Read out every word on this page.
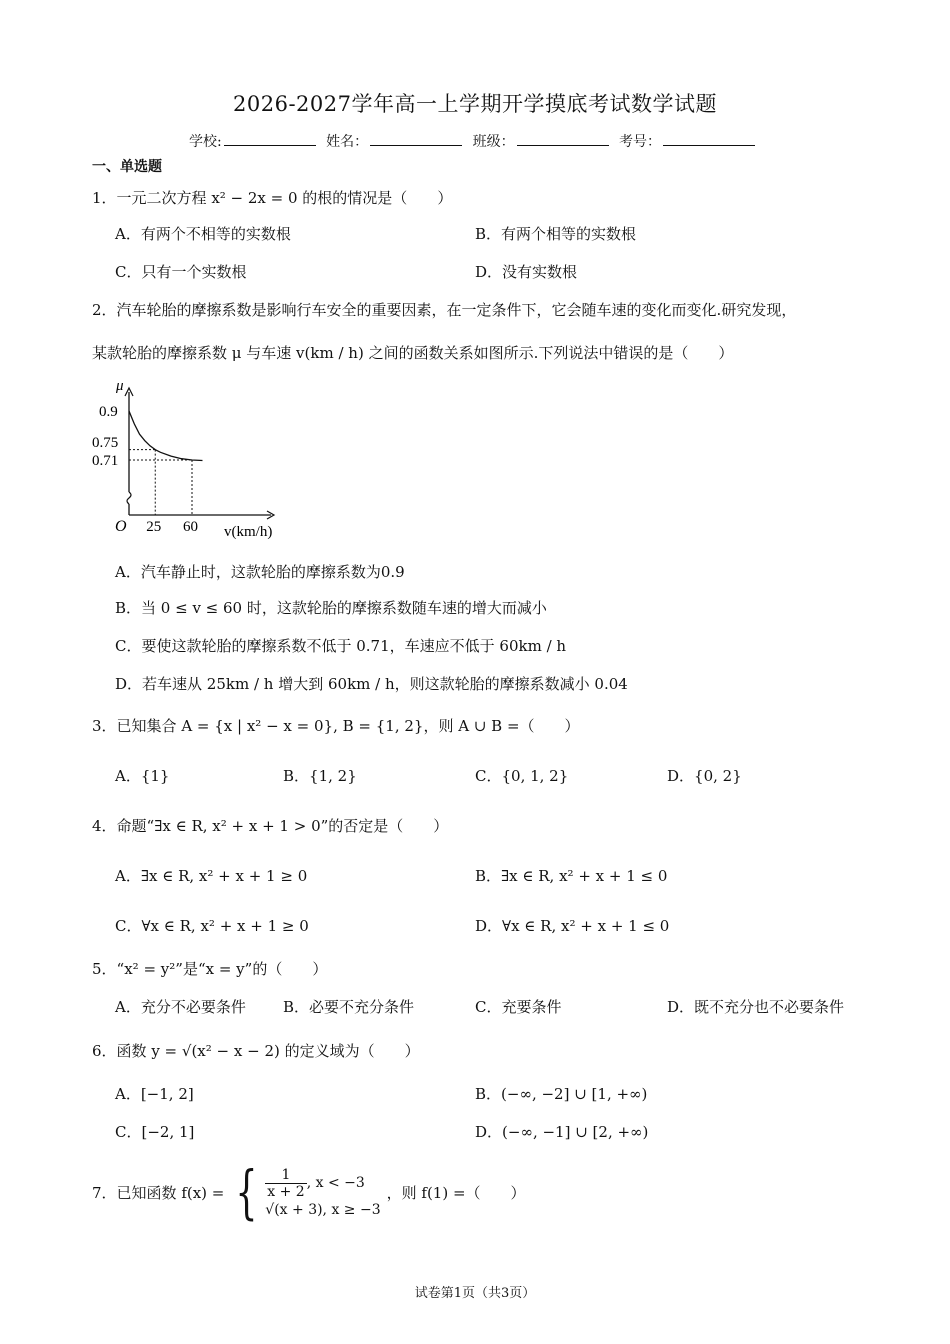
2026-2027学年高一上学期开学摸底考试数学试题
学校:	姓名：	班级：	考号：
一、单选题
1．一元二次方程 x² − 2x = 0 的根的情况是（　　）
A．有两个不相等的实数根	B．有两个相等的实数根
C．只有一个实数根	D．没有实数根
2．汽车轮胎的摩擦系数是影响行车安全的重要因素，在一定条件下，它会随车速的变化而变化.研究发现，
某款轮胎的摩擦系数 μ 与车速 v(km / h) 之间的函数关系如图所示.下列说法中错误的是（　　）
μ
0.9
0.75
0.71
O 25 60 v(km/h)
A．汽车静止时，这款轮胎的摩擦系数为0.9
B．当 0 ≤ v ≤ 60 时，这款轮胎的摩擦系数随车速的增大而减小
C．要使这款轮胎的摩擦系数不低于 0.71，车速应不低于 60km / h
D．若车速从 25km / h 增大到 60km / h，则这款轮胎的摩擦系数减小 0.04
3．已知集合 A = {x | x² − x = 0}, B = {1, 2}，则 A ∪ B =（　　）
A．{1}	B．{1, 2}	C．{0, 1, 2}	D．{0, 2}
4．命题“∃x ∈ R, x² + x + 1 > 0”的否定是（　　）
A．∃x ∈ R, x² + x + 1 ≥ 0	B．∃x ∈ R, x² + x + 1 ≤ 0
C．∀x ∈ R, x² + x + 1 ≥ 0	D．∀x ∈ R, x² + x + 1 ≤ 0
5．“x² = y²”是“x = y”的（　　）
A．充分不必要条件 B．必要不充分条件	C．充要条件	D．既不充分也不必要条件
6．函数 y = √(x² − x − 2) 的定义域为（　　）
A．[−1, 2]	B．(−∞, −2] ∪ [1, +∞)
C．[−2, 1]	D．(−∞, −1] ∪ [2, +∞)
7． 已知函数 f(x) = { $\frac{1}{x + 2}$ , x < −3
√(x + 3), x ≥ −3
，则 f(1) =（　　）
试卷第1页（共3页）
